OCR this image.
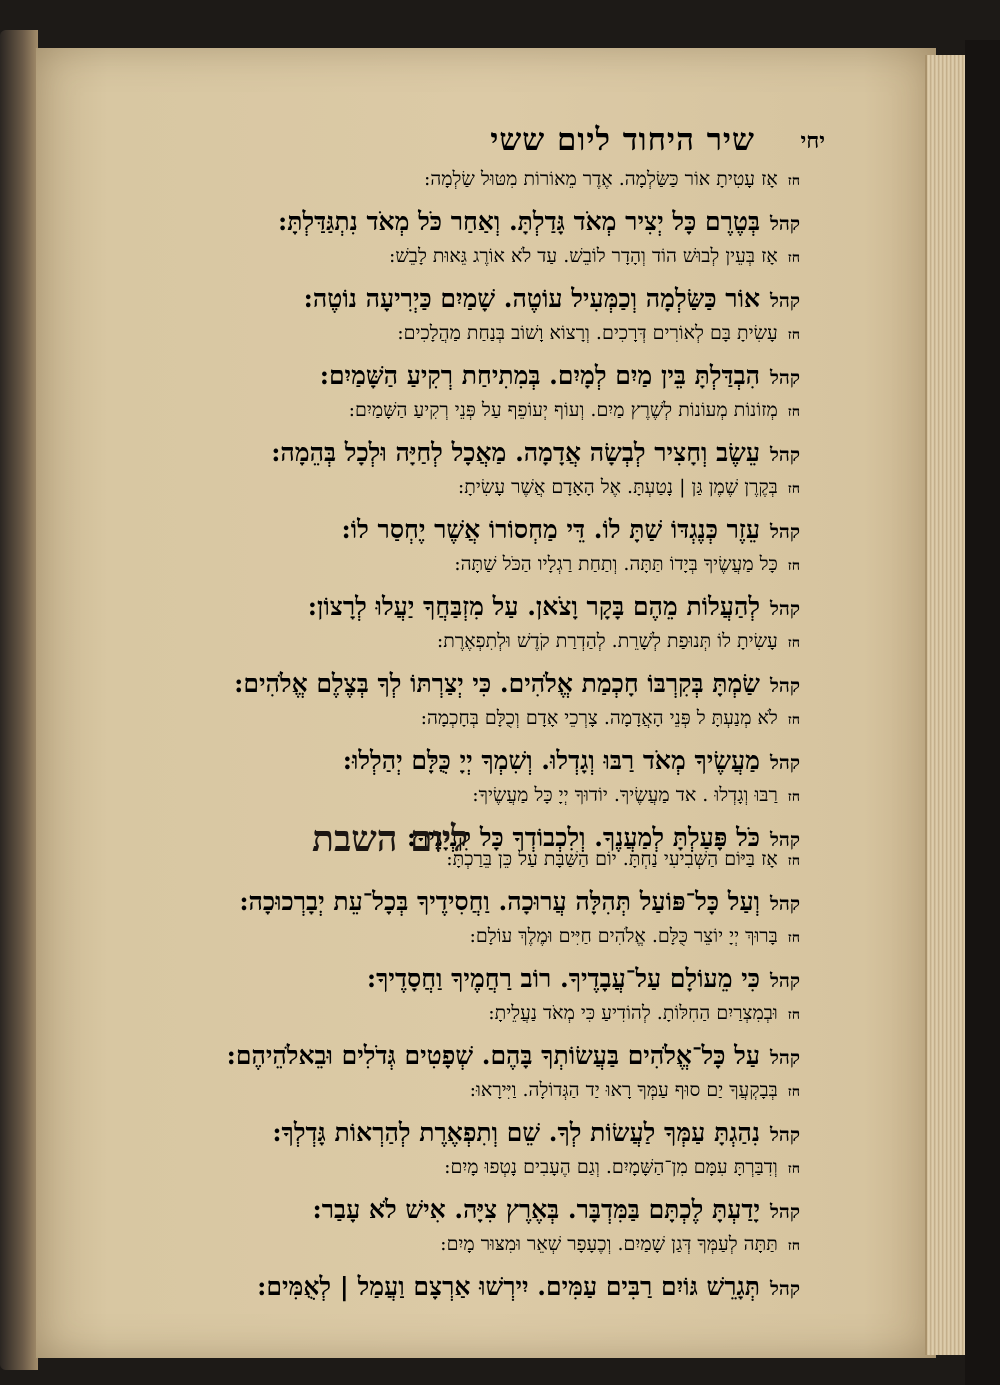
שיר היחוד ליום ששי יחי
חזאָז עָטִיתָ אוֹר כַּשַּׂלְמָה. אֶדֶר מֵאוֹרוֹת מִטּוּל שַׂלְמָה:
קהלבְּטֶרֶם כָּל יְצִיר מְאֹד גָּדַלְתָּ. וְאַחַר כֹּל מְאֹד נִתְגַּדַּלְתָּ:
חזאָז בְּעֵין לְבוּשׁ הוֹד וְהָדָר לוֹבֵשׁ. עַד לֹא אוֹרֶג גֵּאוּת לָבֵשׁ:
קהלאוֹר כַּשַּׂלְמָה וְכַמְּעִיל עוֹטֶה. שָׁמַיִם כַּיְרִיעָה נוֹטֶה:
חזעָשִׂיתָ בָּם לְאוֹרִים דְּרָכִים. וְרָצוֹא וָשׁוֹב בְּנַחַת מַהֲלָכִים:
קהלהִבְדַּלְתָּ בֵּין מַיִם לְמָיִם. בְּמִתִיחַת רְקִיעַ הַשָּׁמַיִם:
חזמְזוֹנוֹת מְעוֹנוֹת לְשֶׁרֶץ מַיִם. וְעוֹף יְעוֹפֵף עַל פְּנֵי רְקִיעַ הַשָּׁמַיִם:
קהלעֵשֶׂב וְחָצִיר לְבְשָׂה אֲדָמָה. מַאֲכָל לְחַיָּה וּלְכָל בְּהֵמָה:
חזבְּקֶרֶן שֶׁמֶן גַּן | נָטַעְתָּ. אֶל הָאָדָם אֲשֶׁר עָשִׂיתָ:
קהלעֵזֶר כְּנֶגְדּוֹ שַׁתָּ לוֹ. דֵּי מַחְסוֹרוֹ אֲשֶׁר יֶחְסַר לוֹ:
חזכָּל מַעֲשֶׂיךָ בְּיָדוֹ תַּתָּה. וְתַחַת רַגְלָיו הַכֹּל שַׁתָּה:
קהללְהַעֲלוֹת מֵהֶם בָּקָר וָצֹאן. עַל מִזְבַּחֲךָ יַעֲלוּ לְרָצוֹן:
חזעָשִׂיתָ לוֹ תְּנוּפַת לְשָׁרֵת. לְהַדְרַת קֹדֶשׁ וּלְתִפְאֶרֶת:
קהלשַׂמְתָּ בְּקִרְבּוֹ חָכְמַת אֱלֹהִים. כִּי יְצַרְתּוֹ לְךָ בְּצֶלֶם אֱלֹהִים:
חזלֹא מְנַעְתָּ ל פְּנֵי הָאֲדָמָה. צָרְכֵי אָדָם וְכֻלָּם בְּחָכְמָה:
קהלמַעֲשֶׂיךָ מְאֹד רַבּוּ וְגָדְלוּ. וְשִׁמְךָ יְיָ כֻּלָּם יְהַלְלוּ:
חזרַבּוּ וְגָדְלוּ . אד מַעֲשֶׂיךָ. יוֹדוּךָ יְיָ כָּל מַעֲשֶׂיךָ:
קהלכֹּל פָּעַלְתָּ לְמַעֲנֶךָ. וְלִכְבוֹדְךָ כָּל קִנְיָנֶיךָ:
ליום השבת
חזאָז בַּיּוֹם הַשְּׁבִיעִי נַחְתָּ. יוֹם הַשַּׁבָּת עַל כֵּן בֵּרַכְתָּ:
קהלוְעַל כָּל־פּוֹעַל תְּהִלָּה עֲרוּכָה. וַחֲסִידֶיךָ בְּכָל־עֵת יְבָרְכוּכָה:
חזבָּרוּךְ יְיָ יוֹצֵר כֻּלָּם. אֱלֹהִים חַיִּים וּמֶלֶךְ עוֹלָם:
קהלכִּי מֵעוֹלָם עַל־עֲבָדֶיךָ. רוֹב רַחֲמֶיךָ וַחֲסָדֶיךָ:
חזוּבְמִצְרַיִם הַחִלּוֹתָ. לְהוֹדִיעַ כִּי מְאֹד נַעֲלֵיתָ:
קהלעַל כָּל־אֱלֹהִים בַּעֲשׂוֹתְךָ בָּהֶם. שְׁפָטִים גְּדֹלִים וּבֵאלֹהֵיהֶם:
חזבְּבָקְעֲךָ יַם סוּף עַמְּךָ רָאוּ יַד הַגְּדוֹלָה. וַיִּירָאוּ:
קהלנִהַגְתָּ עַמְּךָ לַעֲשׂוֹת לְךָ. שֵׁם וְתִפְאֶרֶת לְהַרְאוֹת גָּדְלְךָ:
חזוְדִבַּרְתָּ עִמָּם מִן־הַשָּׁמָיִם. וְגַם הֶעָבִים נָטְפוּ מָיִם:
קהליָדַעְתָּ לֶכְתָּם בַּמִּדְבָּר. בְּאֶרֶץ צִיָּה. אִישׁ לֹא עָבַר:
חזתַּתָּה לְעַמְּךָ דְּגַן שָׁמַיִם. וְכֶעָפָר שְׁאֵר וּמִצּוּר מָיִם:
קהלתְּגָרֵשׁ גּוֹיִם רַבִּים עַמִּים. יִירְשׁוּ אַרְצָם וַעֲמַל | לְאֻמִּים:
